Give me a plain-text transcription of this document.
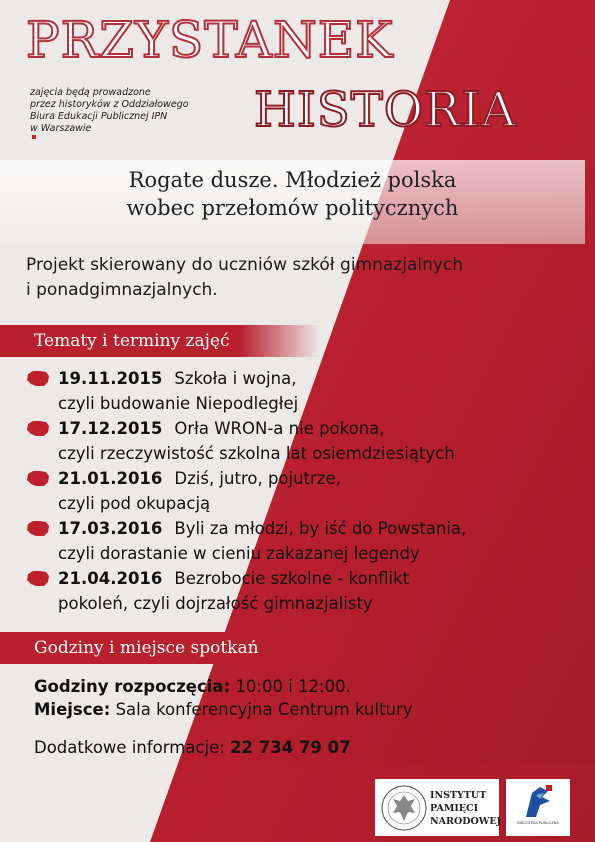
PRZYSTANEK
HISTORIA
zajęcia będą prowadzone
przez historyków z Oddziałowego
Biura Edukacji Publicznej IPN
w Warszawie
Rogate dusze. Młodzież polska
wobec przełomów politycznych
Projekt skierowany do uczniów szkół gimnazjalnych
i ponadgimnazjalnych.
Tematy i terminy zajęć
19.11.2015 Szkoła i wojna,
czyli budowanie Niepodległej
17.12.2015 Orła WRON-a nie pokona,
czyli rzeczywistość szkolna lat osiemdziesiątych
21.01.2016 Dziś, jutro, pojutrze,
czyli pod okupacją
17.03.2016 Byli za młodzi, by iść do Powstania,
czyli dorastanie w cieniu zakazanej legendy
21.04.2016 Bezrobocie szkolne - konflikt
pokoleń, czyli dojrzałość gimnazjalisty
Godziny i miejsce spotkań
Godziny rozpoczęcia: 10:00 i 12:00.
Miejsce: Sala konferencyjna Centrum kultury
Dodatkowe informacje: 22 734 79 07
INSTYTUT
PAMIĘCI
NARODOWEJ	BIBLIOTEKA PUBLICZNA
